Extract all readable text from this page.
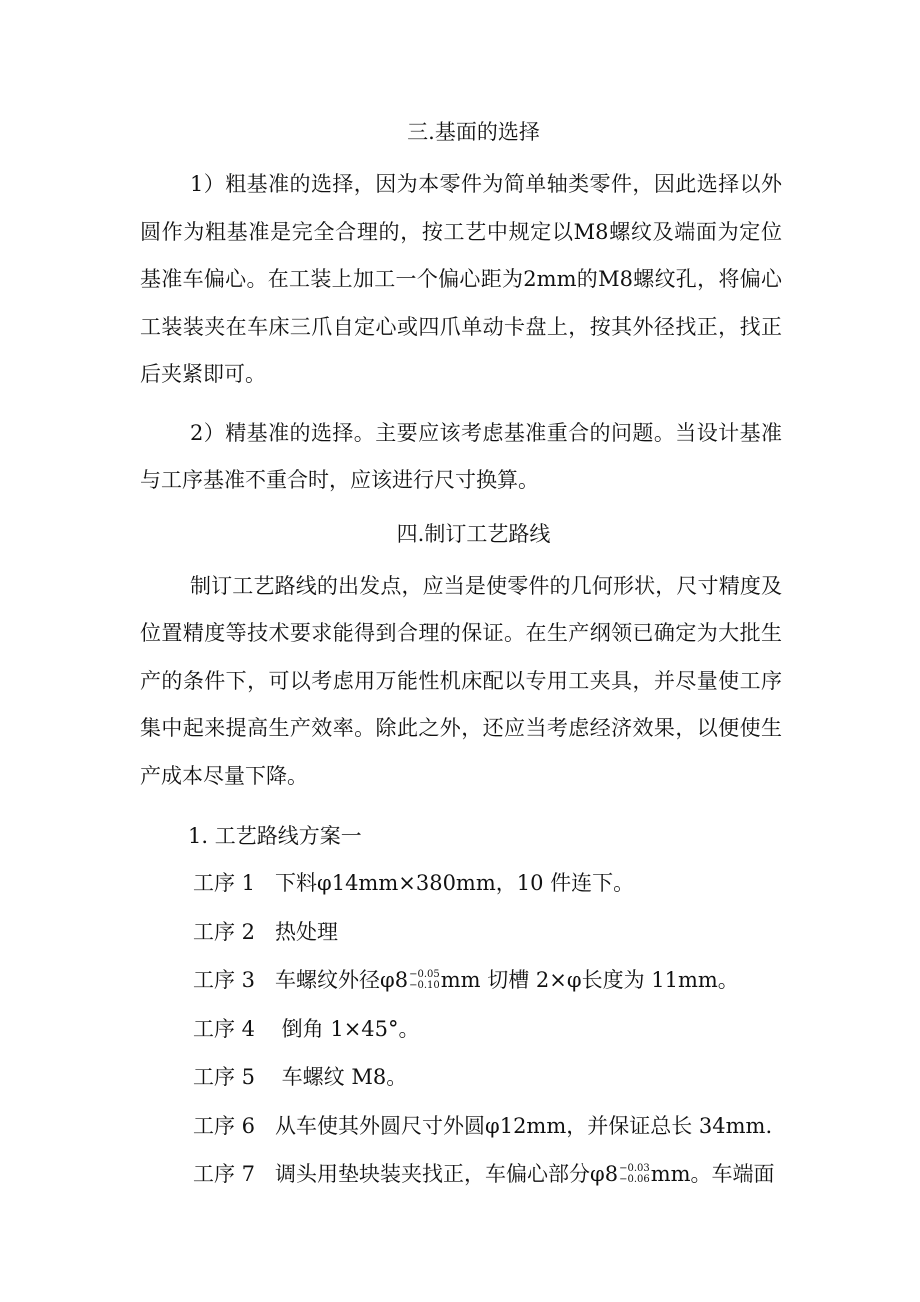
三.基面的选择

1）粗基准的选择，因为本零件为简单轴类零件，因此选择以外圆作为粗基准是完全合理的，按工艺中规定以M8螺纹及端面为定位基准车偏心。在工装上加工一个偏心距为2mm的M8螺纹孔，将偏心工装装夹在车床三爪自定心或四爪单动卡盘上，按其外径找正，找正后夹紧即可。

2）精基准的选择。主要应该考虑基准重合的问题。当设计基准与工序基准不重合时，应该进行尺寸换算。

四.制订工艺路线

制订工艺路线的出发点，应当是使零件的几何形状，尺寸精度及位置精度等技术要求能得到合理的保证。在生产纲领已确定为大批生产的条件下，可以考虑用万能性机床配以专用工夹具，并尽量使工序集中起来提高生产效率。除此之外，还应当考虑经济效果，以便使生产成本尽量下降。

1. 工艺路线方案一

工序 1 下料φ14mm×380mm，10 件连下。
工序 2 热处理
工序 3 车螺纹外径φ8 −0.05
−0.10 mm 切槽 2×φ长度为 11mm。
工序 4 倒角 1×45°。
工序 5 车螺纹 M8。
工序 6 从车使其外圆尺寸外圆φ12mm，并保证总长 34mm.
工序 7 调头用垫块装夹找正，车偏心部分φ8 −0.03
−0.06 mm。车端面
